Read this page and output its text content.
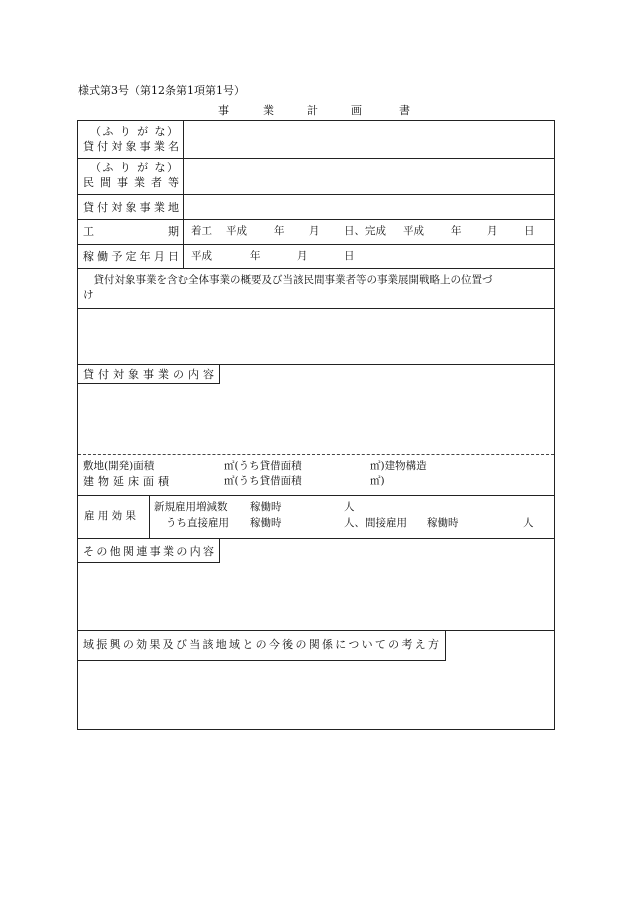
様式第3号（第12条第1項第1号）
事	業	計	画	書
（ふ り が な）
貸付対象事業名
（ふ り が な）
民間事業者等
貸付対象事業地
工	期 着工 平成	年 月 日、完成 平成	年 月	日
稼働予定年月日 平成	年	月	日
　貸付対象事業を含む全体事業の概要及び当該民間事業者等の事業展開戦略上の位置づ
け
貸付対象事業の内容
敷地(開発)面積	㎡(うち貸借面積	㎡)建物構造
建物延床面積	㎡(うち貸借面積	㎡)
雇 用 効 果
新規雇用増減数 稼働時	人
うち直接雇用 稼働時	人、間接雇用 稼働時	人
その他関連事業の内容
域振興の効果及び当該地域との今後の関係についての考え方
